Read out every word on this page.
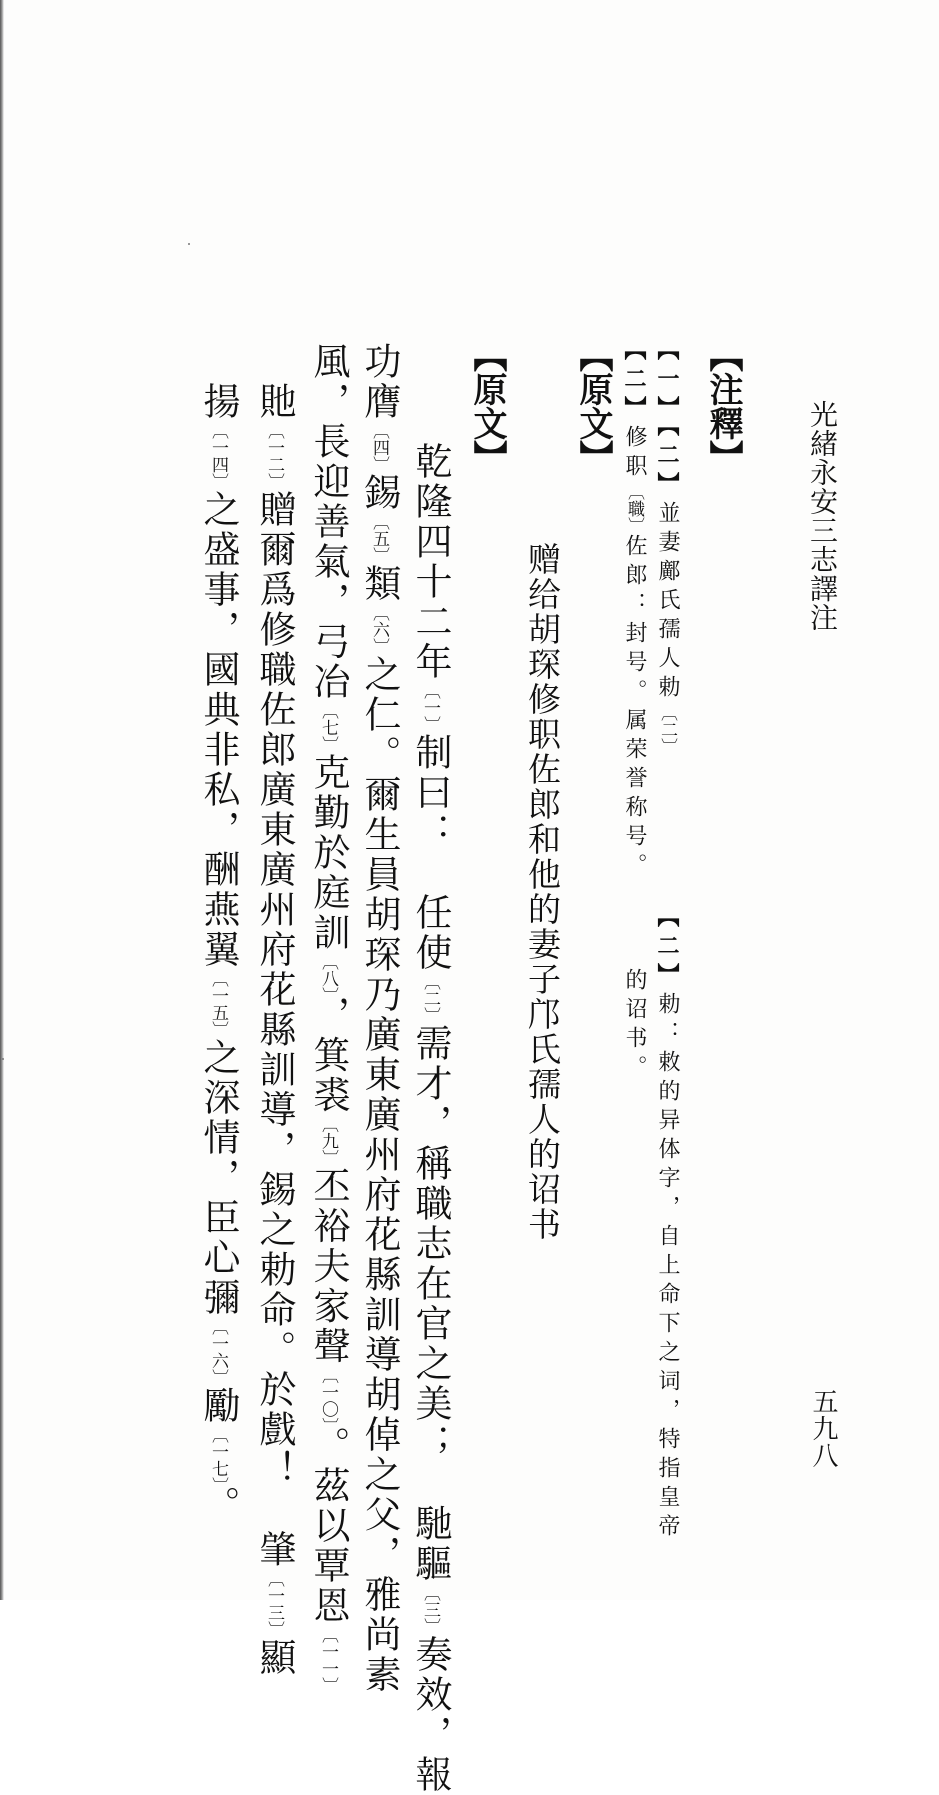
光緒永安三志譯注
五九八
【注釋】
【一】【二】並妻鄺氏孺人勅〔二〕
【二】修职〔職〕佐郎：封号。属荣誉称号。
【二】勅：敕的异体字，自上命下之词，特指皇帝
的诏书。
【原文】
赠给胡琛修职佐郎和他的妻子邝氏孺人的诏书
【原文】
乾隆四十二年〔一〕制曰：　任使〔二〕需才，稱職志在官之美；　馳驅〔三〕奏效，報
功膺〔四〕錫〔五〕類〔六〕之仁。爾生員胡琛乃廣東廣州府花縣訓導胡倬之父，雅尚素
風，長迎善氣，弓冶〔七〕克勤於庭訓〔八〕，箕裘〔九〕丕裕夫家聲〔一〇〕。茲以覃恩〔一一〕
貤〔一二〕贈爾爲修職佐郎廣東廣州府花縣訓導，錫之勅命。於戲！　肇〔一三〕顯
揚〔一四〕之盛事，國典非私，酬燕翼〔一五〕之深情，臣心彌〔一六〕勵〔一七〕。
